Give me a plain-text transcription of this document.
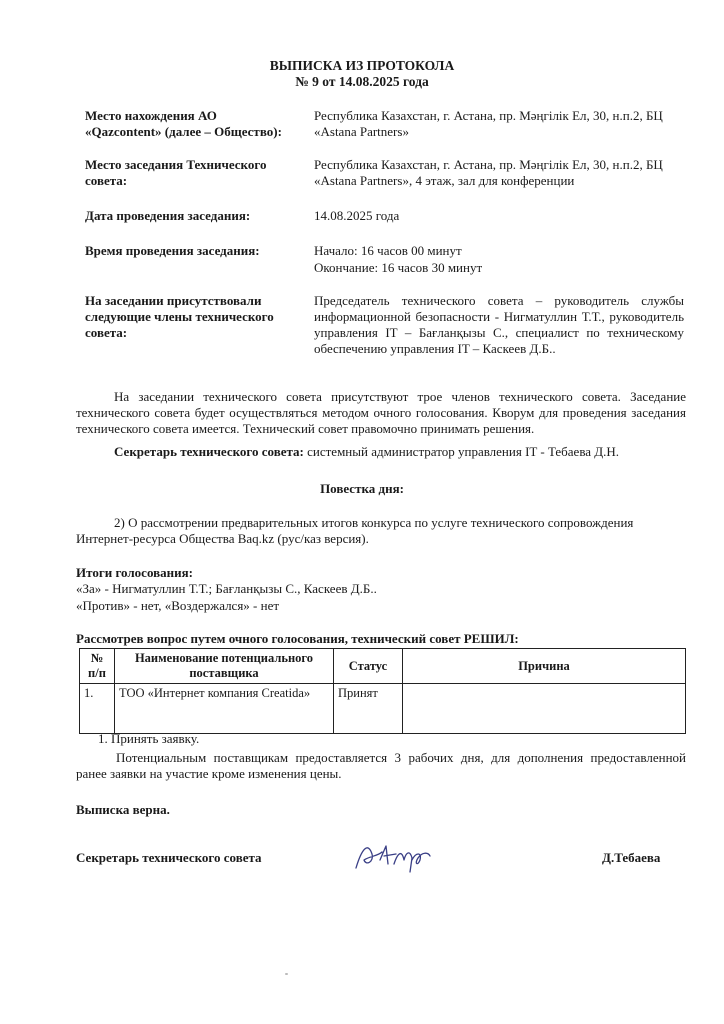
ВЫПИСКА ИЗ ПРОТОКОЛА
№ 9 от 14.08.2025 года
Место нахождения АО «Qazcontent» (далее – Общество):
Республика Казахстан, г. Астана, пр. Мәңгілік Ел, 30, н.п.2, БЦ «Astana Partners»
Место заседания Технического совета:
Республика Казахстан, г. Астана, пр. Мәңгілік Ел, 30, н.п.2, БЦ «Astana Partners», 4 этаж, зал для конференции
Дата проведения заседания:	14.08.2025 года
Время проведения заседания:	Начало: 16 часов 00 минут
Окончание: 16 часов 30 минут
На заседании присутствовали следующие члены технического совета:
Председатель технического совета – руководитель службы информационной безопасности - Нигматуллин Т.Т., руководитель управления IT – Бағланқызы С., специалист по техническому обеспечению управления IT – Каскеев Д.Б..
На заседании технического совета присутствуют трое членов технического совета. Заседание технического совета будет осуществляться методом очного голосования. Кворум для проведения заседания технического совета имеется. Технический совет правомочно принимать решения.
Секретарь технического совета: системный администратор управления IT - Тебаева Д.Н.
Повестка дня:
2) О рассмотрении предварительных итогов конкурса по услуге технического сопровождения Интернет-ресурса Общества Baq.kz (рус/каз версия).
Итоги голосования:
«За» - Нигматуллин Т.Т.; Бағланқызы С., Каскеев Д.Б..
«Против» - нет, «Воздержался» - нет
Рассмотрев вопрос путем очного голосования, технический совет РЕШИЛ:
№ п/п	Наименование потенциального поставщика	Статус	Причина
1.	ТОО «Интернет компания Creatida»	Принят	
1. Принять заявку.
Потенциальным поставщикам предоставляется 3 рабочих дня, для дополнения предоставленной ранее заявки на участие кроме изменения цены.
Выписка верна.
Секретарь технического совета	Д.Тебаева
